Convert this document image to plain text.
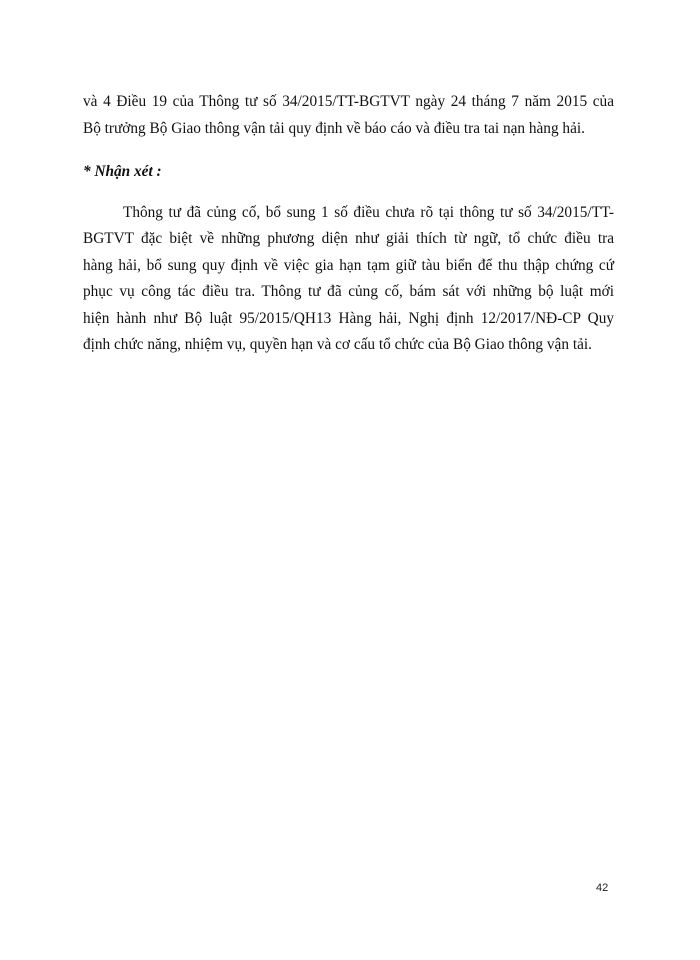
và 4 Điều 19 của Thông tư số 34/2015/TT-BGTVT ngày 24 tháng 7 năm 2015 của
Bộ trưởng Bộ Giao thông vận tải quy định về báo cáo và điều tra tai nạn hàng hải.

* Nhận xét :

Thông tư đã củng cố, bổ sung 1 số điều chưa rõ tại thông tư số 34/2015/TT-
BGTVT đặc biệt về những phương diện như giải thích từ ngữ, tổ chức điều tra
hàng hải, bổ sung quy định về việc gia hạn tạm giữ tàu biển để thu thập chứng cứ
phục vụ công tác điều tra. Thông tư đã củng cố, bám sát với những bộ luật mới
hiện hành như Bộ luật 95/2015/QH13 Hàng hải, Nghị định 12/2017/NĐ-CP Quy
định chức năng, nhiệm vụ, quyền hạn và cơ cấu tổ chức của Bộ Giao thông vận tải.

42
